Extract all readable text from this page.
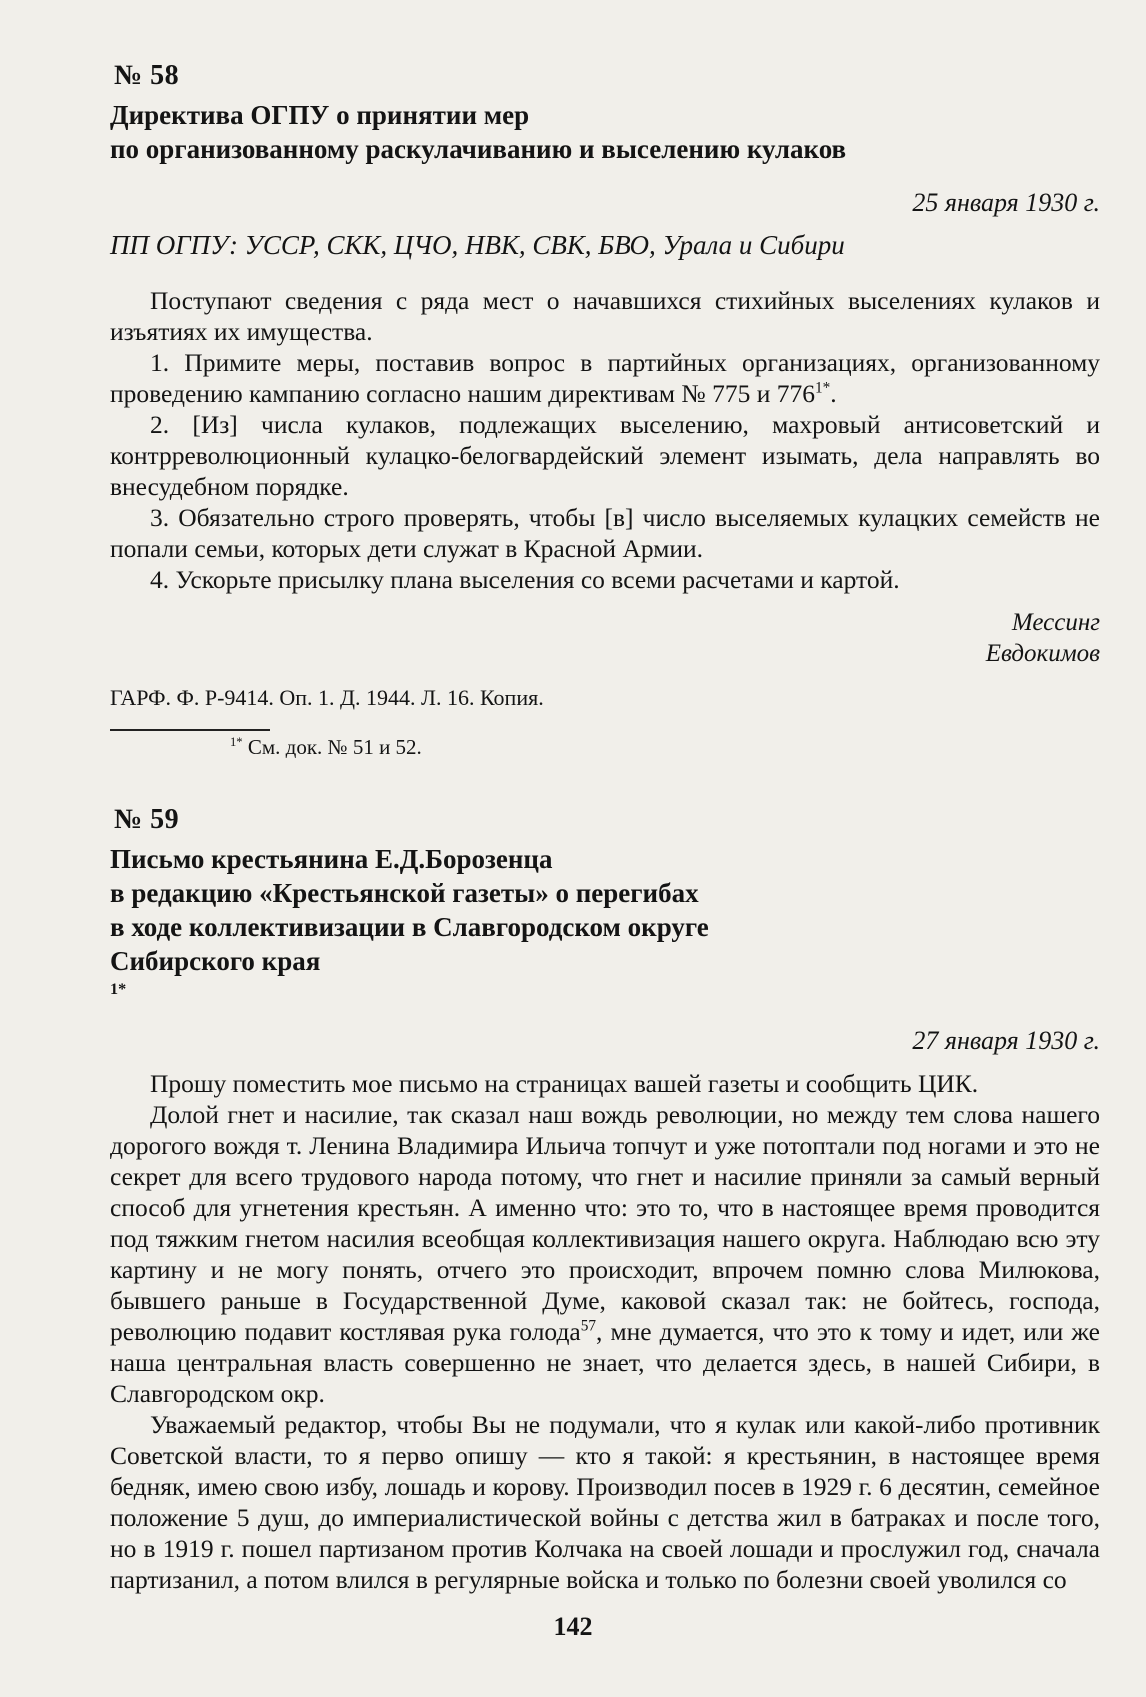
№ 58
Директива ОГПУ о принятии мер
по организованному раскулачиванию и выселению кулаков
25 января 1930 г.
ПП ОГПУ: УССР, СКК, ЦЧО, НВК, СВК, БВО, Урала и Сибири

Поступают сведения с ряда мест о начавшихся стихийных выселениях кулаков и изъятиях их имущества.

1. Примите меры, поставив вопрос в партийных организациях, организованному проведению кампанию согласно нашим директивам № 775 и $776^{1*}$.

2. [Из] числа кулаков, подлежащих выселению, махровый антисоветский и контрреволюционный кулацко-белогвардейский элемент изымать, дела направлять во внесудебном порядке.

3. Обязательно строго проверять, чтобы [в] число выселяемых кулацких семейств не попали семьи, которых дети служат в Красной Армии.

4. Ускорьте присылку плана выселения со всеми расчетами и картой.

Мессинг

Евдокимов

ГАРФ. Ф. Р-9414. Оп. 1. Д. 1944. Л. 16. Копия.
$^{1*}$ См. док. № 51 и 52.
№ 59
Письмо крестьянина Е.Д.Борозенца
в редакцию «Крестьянской газеты» о перегибах
в ходе коллективизации в Славгородском округе
Сибирского края
$^{1*}$
27 января 1930 г.

Прошу поместить мое письмо на страницах вашей газеты и сообщить ЦИК.

Долой гнет и насилие, так сказал наш вождь революции, но между тем слова нашего дорогого вождя т. Ленина Владимира Ильича топчут и уже потоптали под ногами и это не секрет для всего трудового народа потому, что гнет и насилие приняли за самый верный способ для угнетения крестьян. А именно что: это то, что в настоящее время проводится под тяжким гнетом насилия всеобщая коллективизация нашего округа. Наблюдаю всю эту картину и не могу понять, отчего это происходит, впрочем помню слова Милюкова, бывшего раньше в Государственной Думе, каковой сказал так: не бойтесь, господа, революцию подавит костлявая рука голода$^{57}$, мне думается, что это к тому и идет, или же наша центральная власть совершенно не знает, что делается здесь, в нашей Сибири, в Славгородском окр.

Уважаемый редактор, чтобы Вы не подумали, что я кулак или какой-либо противник Советской власти, то я перво опишу — кто я такой: я крестьянин, в настоящее время бедняк, имею свою избу, лошадь и корову. Производил посев в 1929 г. 6 десятин, семейное положение 5 душ, до империалистической войны с детства жил в батраках и после того, но в 1919 г. пошел партизаном против Колчака на своей лошади и прослужил год, сначала партизанил, а потом влился в регулярные войска и только по болезни своей уволился со

142
